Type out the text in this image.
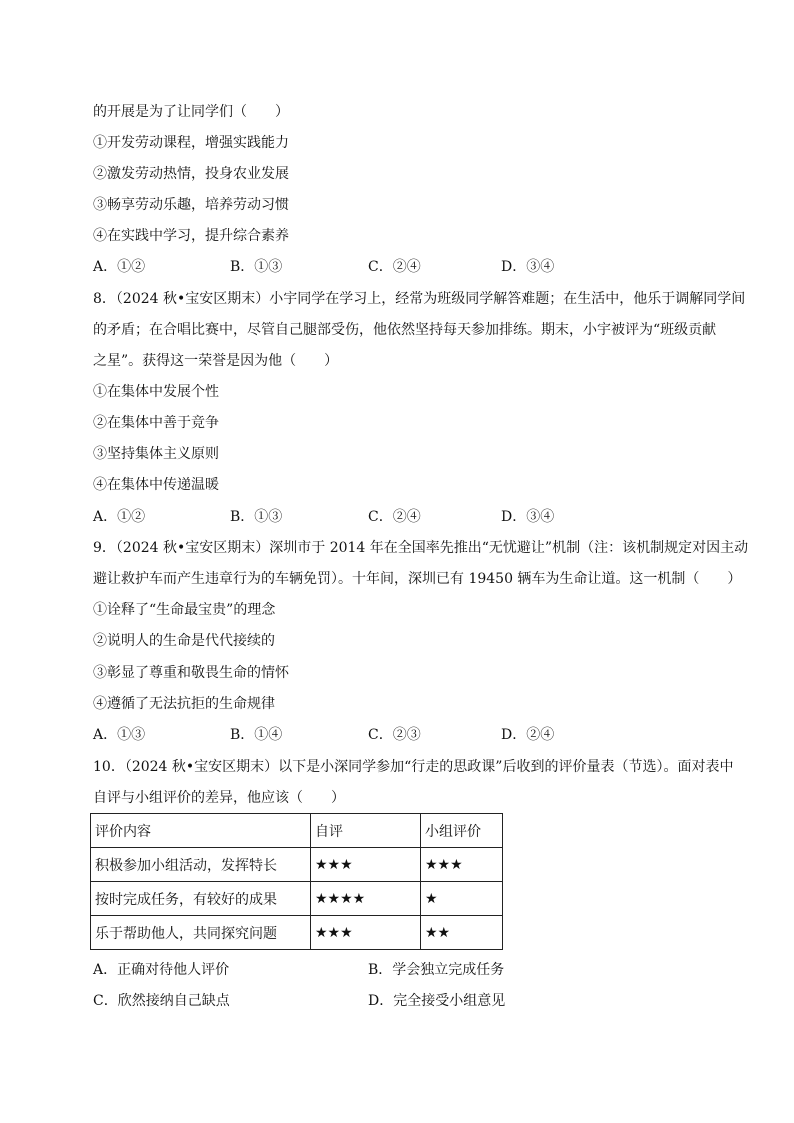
的开展是为了让同学们（　　）
①开发劳动课程，增强实践能力
②激发劳动热情，投身农业发展
③畅享劳动乐趣，培养劳动习惯
④在实践中学习，提升综合素养
A．①②	B．①③	C．②④	D．③④
8．（2024 秋•宝安区期末）小宇同学在学习上，经常为班级同学解答难题；在生活中，他乐于调解同学间
的矛盾；在合唱比赛中，尽管自己腿部受伤，他依然坚持每天参加排练。期末，小宇被评为“班级贡献
之星”。获得这一荣誉是因为他（　　）
①在集体中发展个性
②在集体中善于竞争
③坚持集体主义原则
④在集体中传递温暖
A．①②	B．①③	C．②④	D．③④
9．（2024 秋•宝安区期末）深圳市于 2014 年在全国率先推出“无忧避让”机制（注：该机制规定对因主动
避让救护车而产生违章行为的车辆免罚）。十年间，深圳已有 19450 辆车为生命让道。这一机制（　　）
①诠释了“生命最宝贵”的理念
②说明人的生命是代代接续的
③彰显了尊重和敬畏生命的情怀
④遵循了无法抗拒的生命规律
A．①③	B．①④	C．②③	D．②④
10．（2024 秋•宝安区期末）以下是小深同学参加“行走的思政课”后收到的评价量表（节选）。面对表中
自评与小组评价的差异，他应该（　　）
评价内容	自评	小组评价
积极参加小组活动，发挥特长	★★★	★★★
按时完成任务，有较好的成果	★★★★	★
乐于帮助他人，共同探究问题	★★★	★★
A．正确对待他人评价	B．学会独立完成任务
C．欣然接纳自己缺点	D．完全接受小组意见
